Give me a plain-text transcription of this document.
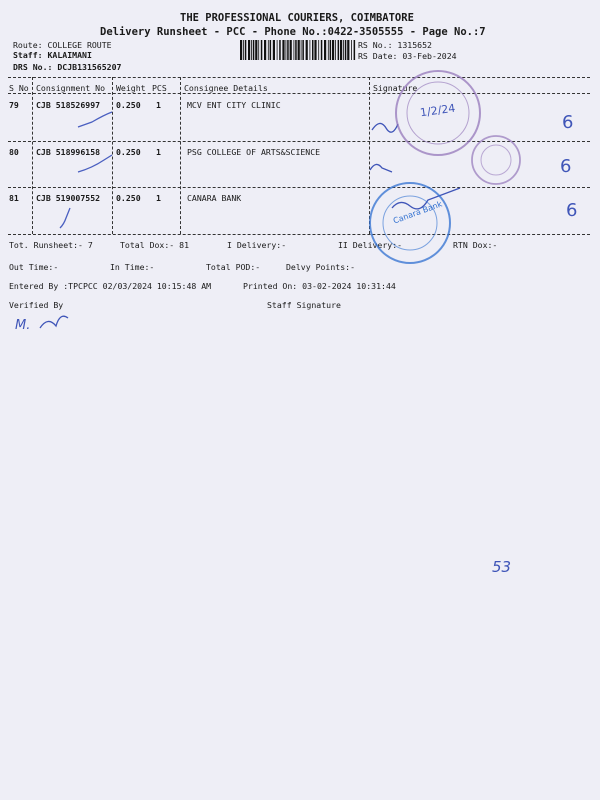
THE PROFESSIONAL COURIERS, COIMBATORE
Delivery Runsheet - PCC - Phone No.:0422-3505555 - Page No.:7
Route: COLLEGE ROUTE
Staff: KALAIMANI
DRS No.: DCJB131565207
RS No.: 1315652
RS Date: 03-Feb-2024
S No Consignment No Weight PCS Consignee Details	Signature
79 CJB 518526997 0.250 1	MCV ENT CITY CLINIC
80 CJB 518996158 0.250 1	PSG COLLEGE OF ARTS&SCIENCE
81 CJB 519007552 0.250 1	CANARA BANK
Tot. Runsheet:- 7	Total Dox:- 81	I Delivery:-	II Delivery:-	RTN Dox:-
Out Time:-	In Time:-	Total POD:-	Delvy Points:-
Entered By :TPCPCC 02/03/2024 10:15:48 AM	Printed On: 03-02-2024 10:31:44
Verified By	Staff Signature
M.
1/2/24
6
6
6
53
Canara Bank
